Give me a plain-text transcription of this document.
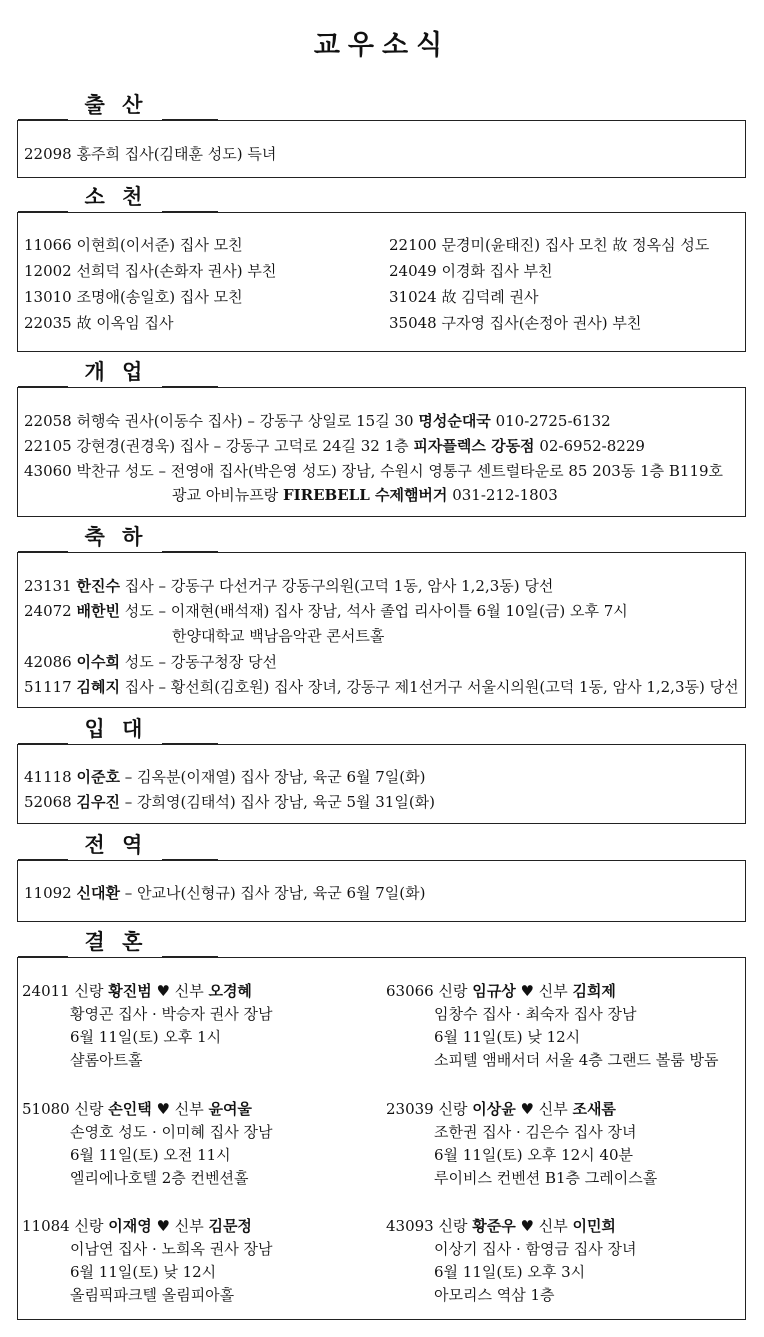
교우소식
출 산
22098 홍주희 집사(김태훈 성도) 득녀
소 천
11066 이현희(이서준) 집사 모친
12002 선희덕 집사(손화자 권사) 부친
13010 조명애(송일호) 집사 모친
22035 故 이옥임 집사
22100 문경미(윤태진) 집사 모친 故 정옥심 성도
24049 이경화 집사 부친
31024 故 김덕례 권사
35048 구자영 집사(손정아 권사) 부친
개 업
22058 허행숙 권사(이동수 집사) – 강동구 상일로 15길 30 명성순대국 010-2725-6132
22105 강현경(권경욱) 집사 – 강동구 고덕로 24길 32 1층 피자플렉스 강동점 02-6952-8229
43060 박찬규 성도 – 전영애 집사(박은영 성도) 장남, 수원시 영통구 센트럴타운로 85 203동 1층 B119호
광교 아비뉴프랑 FIREBELL 수제햄버거 031-212-1803
축 하
23131 한진수 집사 – 강동구 다선거구 강동구의원(고덕 1동, 암사 1,2,3동) 당선
24072 배한빈 성도 – 이재현(배석재) 집사 장남, 석사 졸업 리사이틀 6월 10일(금) 오후 7시
한양대학교 백남음악관 콘서트홀
42086 이수희 성도 – 강동구청장 당선
51117 김혜지 집사 – 황선희(김호원) 집사 장녀, 강동구 제1선거구 서울시의원(고덕 1동, 암사 1,2,3동) 당선
입 대
41118 이준호 – 김옥분(이재열) 집사 장남, 육군 6월 7일(화)
52068 김우진 – 강희영(김태석) 집사 장남, 육군 5월 31일(화)
전 역
11092 신대환 – 안교나(신형규) 집사 장남, 육군 6월 7일(화)
결 혼
24011 신랑 황진범 ♥ 신부 오경혜
황영곤 집사 · 박승자 권사 장남
6월 11일(토) 오후 1시
샬롬아트홀
63066 신랑 임규상 ♥ 신부 김희제
임창수 집사 · 최숙자 집사 장남
6월 11일(토) 낮 12시
소피텔 앰배서더 서울 4층 그랜드 볼룸 방돔
51080 신랑 손인택 ♥ 신부 윤여울
손영호 성도 · 이미혜 집사 장남
6월 11일(토) 오전 11시
엘리에나호텔 2층 컨벤션홀
23039 신랑 이상윤 ♥ 신부 조새롬
조한권 집사 · 김은수 집사 장녀
6월 11일(토) 오후 12시 40분
루이비스 컨벤션 B1층 그레이스홀
11084 신랑 이재영 ♥ 신부 김문정
이남연 집사 · 노희옥 권사 장남
6월 11일(토) 낮 12시
올림픽파크텔 올림피아홀
43093 신랑 황준우 ♥ 신부 이민희
이상기 집사 · 함영금 집사 장녀
6월 11일(토) 오후 3시
아모리스 역삼 1층
